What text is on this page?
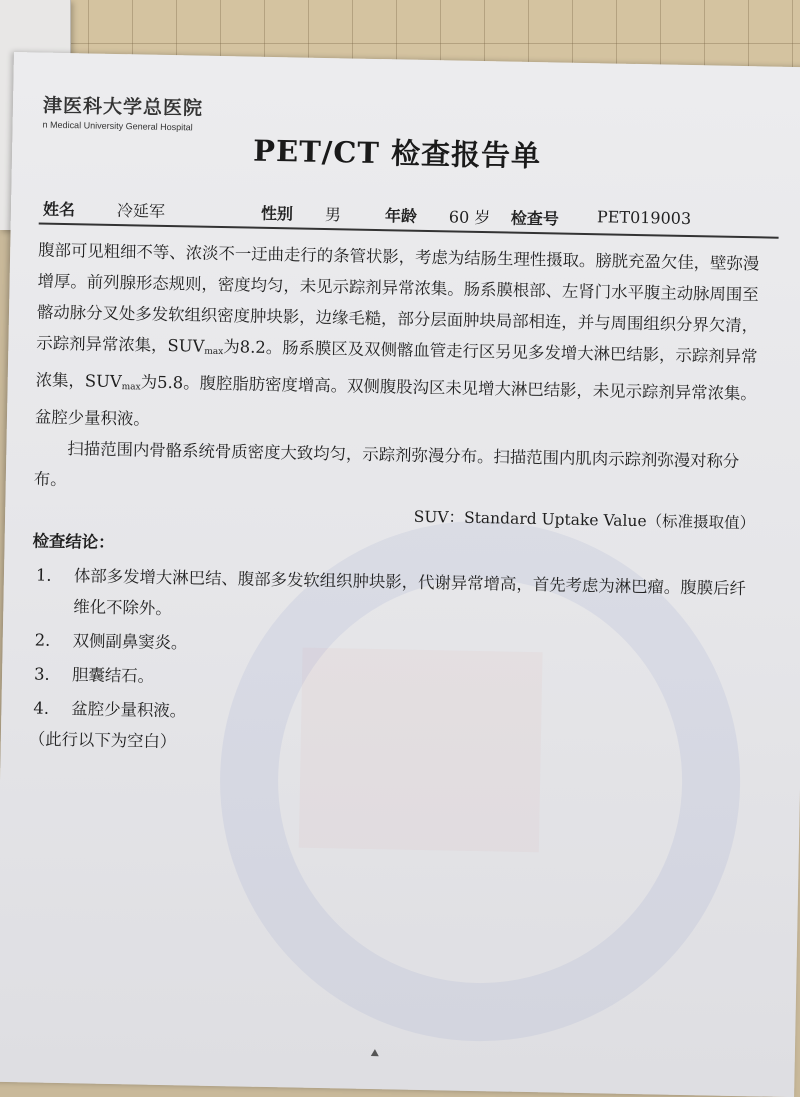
津医科大学总医院
n Medical University General Hospital
PET/CT 检查报告单
姓名	冷延军	性别 男	年龄 60 岁 检查号 PET019003

腹部可见粗细不等、浓淡不一迂曲走行的条管状影，考虑为结肠生理性摄取。膀胱充盈欠佳，壁弥漫增厚。前列腺形态规则，密度均匀，未见示踪剂异常浓集。肠系膜根部、左肾门水平腹主动脉周围至髂动脉分叉处多发软组织密度肿块影，边缘毛糙，部分层面肿块局部相连，并与周围组织分界欠清，示踪剂异常浓集，$SUV_{max}$为8.2。肠系膜区及双侧髂血管走行区另见多发增大淋巴结影，示踪剂异常浓集，$SUV_{max}$为5.8。腹腔脂肪密度增高。双侧腹股沟区未见增大淋巴结影，未见示踪剂异常浓集。盆腔少量积液。

扫描范围内骨骼系统骨质密度大致均匀，示踪剂弥漫分布。扫描范围内肌肉示踪剂弥漫对称分布。

SUV：Standard Uptake Value（标准摄取值）

检查结论：

1.	体部多发增大淋巴结、腹部多发软组织肿块影，代谢异常增高，首先考虑为淋巴瘤。腹膜后纤维化不除外。
2.	双侧副鼻窦炎。
3.	胆囊结石。
4.	盆腔少量积液。

（此行以下为空白）
